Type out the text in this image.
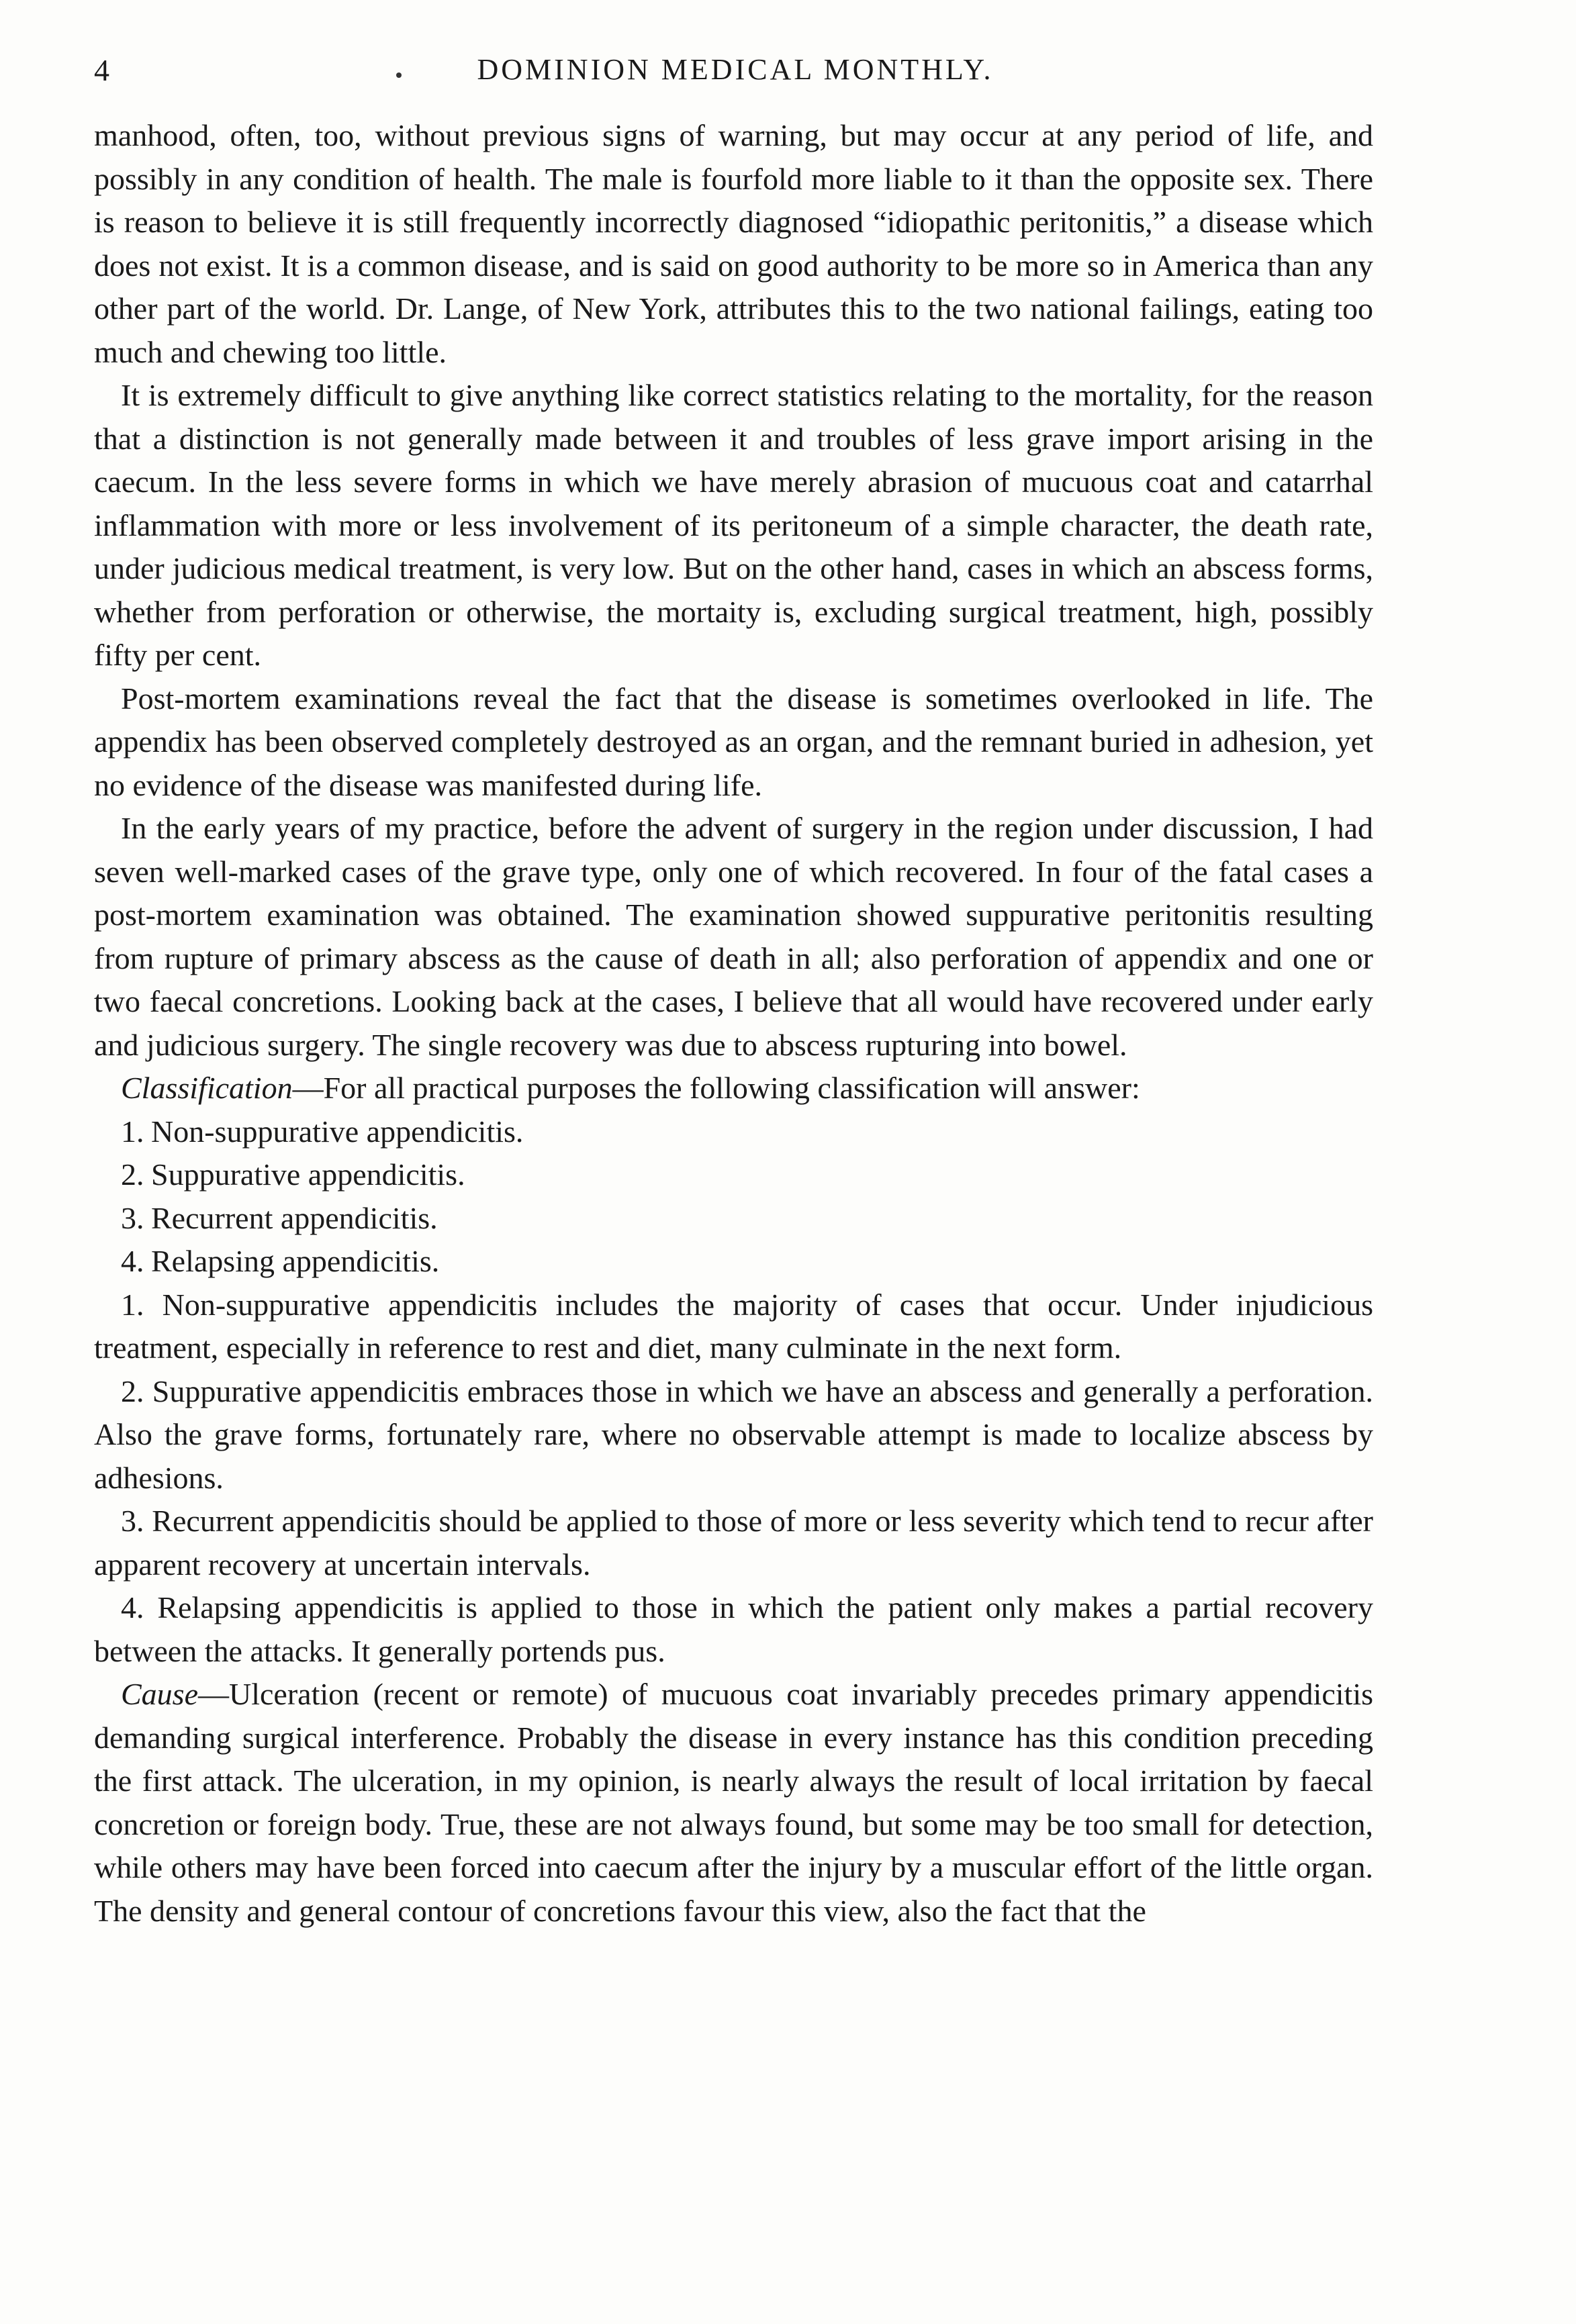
4	DOMINION MEDICAL MONTHLY.

manhood, often, too, without previous signs of warning, but may occur at any period of life, and possibly in any condition of health. The male is fourfold more liable to it than the opposite sex. There is reason to believe it is still frequently incorrectly diagnosed “idiopathic peritonitis,” a disease which does not exist. It is a common disease, and is said on good authority to be more so in America than any other part of the world. Dr. Lange, of New York, attributes this to the two national failings, eating too much and chewing too little.

It is extremely difficult to give anything like correct statistics relating to the mortality, for the reason that a distinction is not generally made between it and troubles of less grave import arising in the caecum. In the less severe forms in which we have merely abrasion of mucuous coat and catarrhal inflammation with more or less involvement of its peritoneum of a simple character, the death rate, under judicious medical treatment, is very low. But on the other hand, cases in which an abscess forms, whether from perforation or otherwise, the mortaity is, excluding surgical treatment, high, possibly fifty per cent.

Post-mortem examinations reveal the fact that the disease is sometimes overlooked in life. The appendix has been observed completely destroyed as an organ, and the remnant buried in adhesion, yet no evidence of the disease was manifested during life.

In the early years of my practice, before the advent of surgery in the region under discussion, I had seven well-marked cases of the grave type, only one of which recovered. In four of the fatal cases a post-mortem examination was obtained. The examination showed suppurative peritonitis resulting from rupture of primary abscess as the cause of death in all; also perforation of appendix and one or two faecal concretions. Looking back at the cases, I believe that all would have recovered under early and judicious surgery. The single recovery was due to abscess rupturing into bowel.

Classification—For all practical purposes the following classification will answer:

1. Non-suppurative appendicitis.

2. Suppurative appendicitis.

3. Recurrent appendicitis.

4. Relapsing appendicitis.

1. Non-suppurative appendicitis includes the majority of cases that occur. Under injudicious treatment, especially in reference to rest and diet, many culminate in the next form.

2. Suppurative appendicitis embraces those in which we have an abscess and generally a perforation. Also the grave forms, fortunately rare, where no observable attempt is made to localize abscess by adhesions.

3. Recurrent appendicitis should be applied to those of more or less severity which tend to recur after apparent recovery at uncertain intervals.

4. Relapsing appendicitis is applied to those in which the patient only makes a partial recovery between the attacks. It generally portends pus.

Cause—Ulceration (recent or remote) of mucuous coat invariably precedes primary appendicitis demanding surgical interference. Probably the disease in every instance has this condition preceding the first attack. The ulceration, in my opinion, is nearly always the result of local irritation by faecal concretion or foreign body. True, these are not always found, but some may be too small for detection, while others may have been forced into caecum after the injury by a muscular effort of the little organ. The density and general contour of concretions favour this view, also the fact that the
